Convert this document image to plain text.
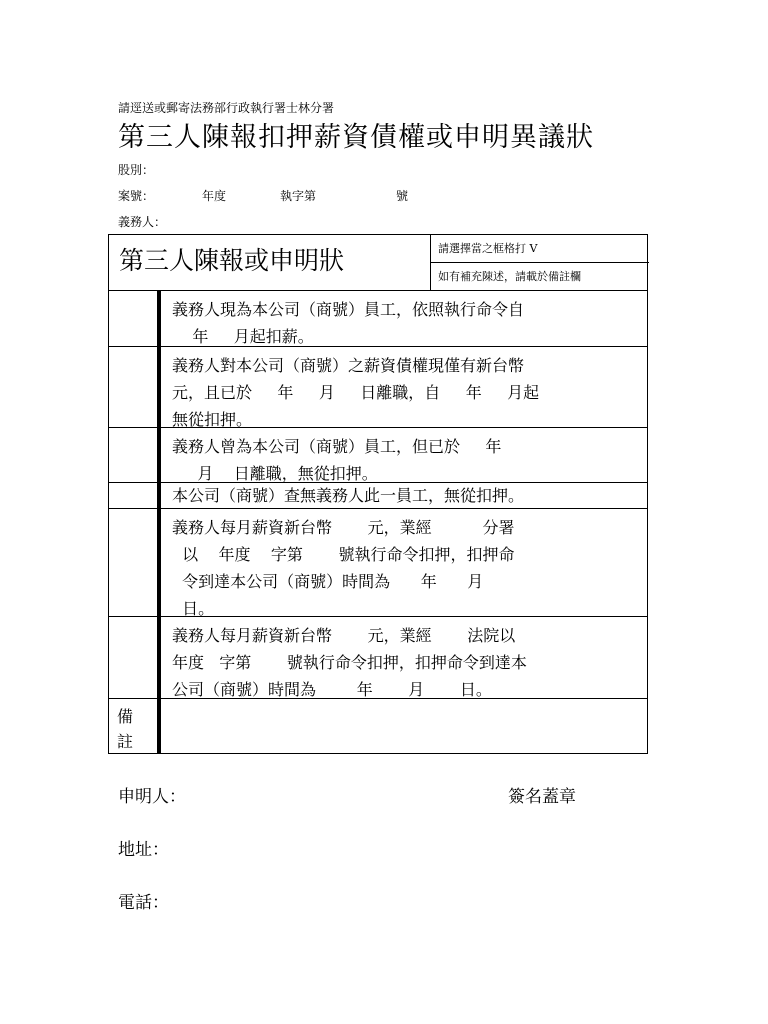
請逕送或郵寄法務部行政執行署士林分署
第三人陳報扣押薪資債權或申明異議狀
股別：
案號：	年度	執字第	號
義務人：
第三人陳報或申明狀	請選擇當之框格打 V
如有補充陳述，請載於備註欄
義務人現為本公司（商號）員工，依照執行命令自
年     月起扣薪。
義務人對本公司（商號）之薪資債權現僅有新台幣
元，且已於     年     月     日離職，自     年     月起
無從扣押。
義務人曾為本公司（商號）員工，但已於     年
月    日離職，無從扣押。
本公司（商號）查無義務人此一員工，無從扣押。
義務人每月薪資新台幣       元，業經          分署
以    年度    字第       號執行命令扣押，扣押命
令到達本公司（商號）時間為      年      月
日。
義務人每月薪資新台幣       元，業經       法院以
年度   字第       號執行命令扣押，扣押命令到達本
公司（商號）時間為        年       月       日。
備
註
申明人：	簽名蓋章
地址：
電話：
